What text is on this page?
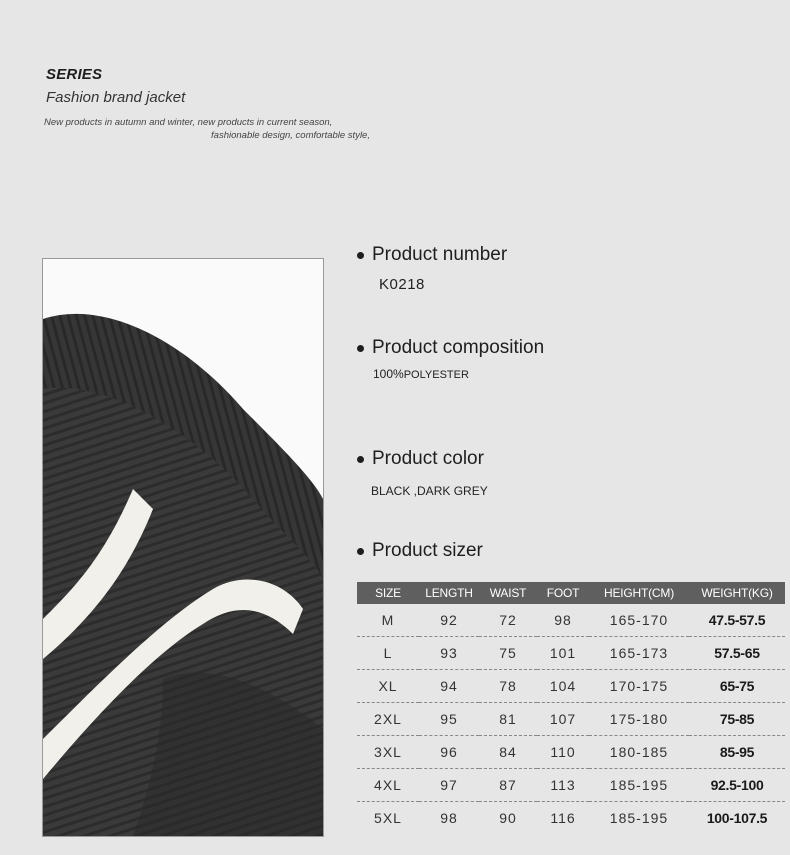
SERIES
Fashion brand jacket
New products in autumn and winter, new products in current season,
fashionable design, comfortable style,
Product number
K0218
Product composition
100%POLYESTER
Product color
BLACK ,DARK GREY
Product sizer
SIZE	LENGTH	WAIST	FOOT	HEIGHT(CM)	WEIGHT(KG)
M	92	72	98	165-170	47.5-57.5
L	93	75	101	165-173	57.5-65
XL	94	78	104	170-175	65-75
2XL	95	81	107	175-180	75-85
3XL	96	84	110	180-185	85-95
4XL	97	87	113	185-195	92.5-100
5XL	98	90	116	185-195	100-107.5
